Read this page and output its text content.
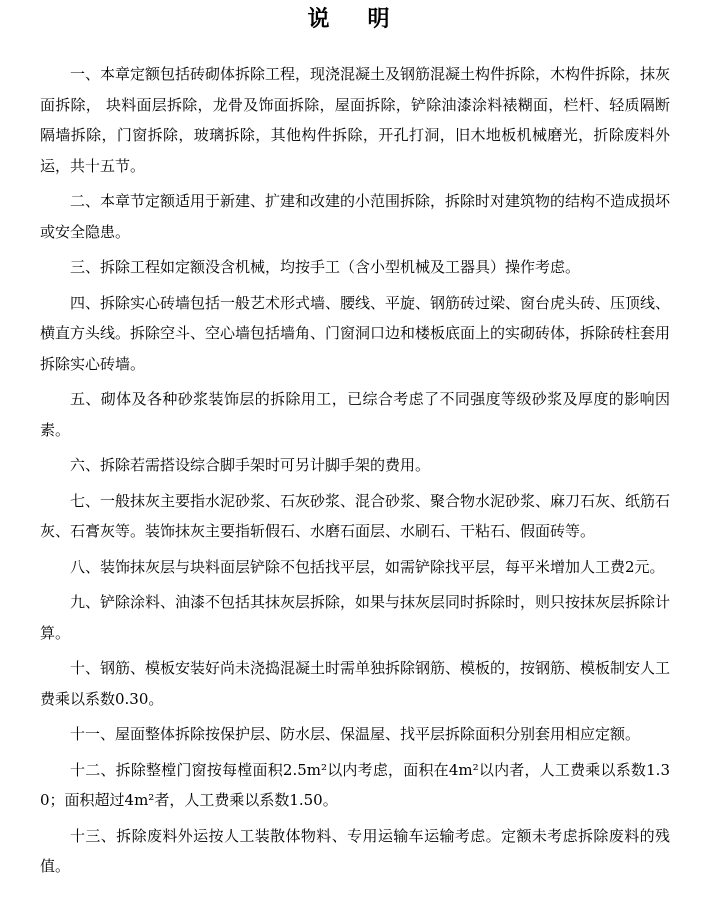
说　明

一、本章定额包括砖砌体拆除工程，现浇混凝土及钢筋混凝土构件拆除，木构件拆除，抹灰面拆除， 块料面层拆除，龙骨及饰面拆除，屋面拆除，铲除油漆涂料裱糊面，栏杆、轻质隔断隔墙拆除，门窗拆除，玻璃拆除，其他构件拆除，开孔打洞，旧木地板机械磨光，折除废料外运，共十五节。

二、本章节定额适用于新建、扩建和改建的小范围拆除，拆除时对建筑物的结构不造成损坏或安全隐患。

三、拆除工程如定额没含机械，均按手工（含小型机械及工器具）操作考虑。

四、拆除实心砖墙包括一般艺术形式墙、腰线、平旋、钢筋砖过梁、窗台虎头砖、压顶线、横直方头线。拆除空斗、空心墙包括墙角、门窗洞口边和楼板底面上的实砌砖体，拆除砖柱套用拆除实心砖墙。

五、砌体及各种砂浆装饰层的拆除用工，已综合考虑了不同强度等级砂浆及厚度的影响因素。

六、拆除若需搭设综合脚手架时可另计脚手架的费用。

七、一般抹灰主要指水泥砂浆、石灰砂浆、混合砂浆、聚合物水泥砂浆、麻刀石灰、纸筋石灰、石膏灰等。装饰抹灰主要指斩假石、水磨石面层、水刷石、干粘石、假面砖等。

八、装饰抹灰层与块料面层铲除不包括找平层，如需铲除找平层，每平米增加人工费2元。

九、铲除涂料、油漆不包括其抹灰层拆除，如果与抹灰层同时拆除时，则只按抹灰层拆除计算。

十、钢筋、模板安装好尚未浇捣混凝土时需单独拆除钢筋、模板的，按钢筋、模板制安人工费乘以系数0.30。

十一、屋面整体拆除按保护层、防水层、保温屋、找平层拆除面积分别套用相应定额。

十二、拆除整樘门窗按每樘面积2.5m²以内考虑，面积在4m²以内者，人工费乘以系数1.30；面积超过4m²者，人工费乘以系数1.50。

十三、拆除废料外运按人工装散体物料、专用运输车运输考虑。定额未考虑拆除废料的残值。
